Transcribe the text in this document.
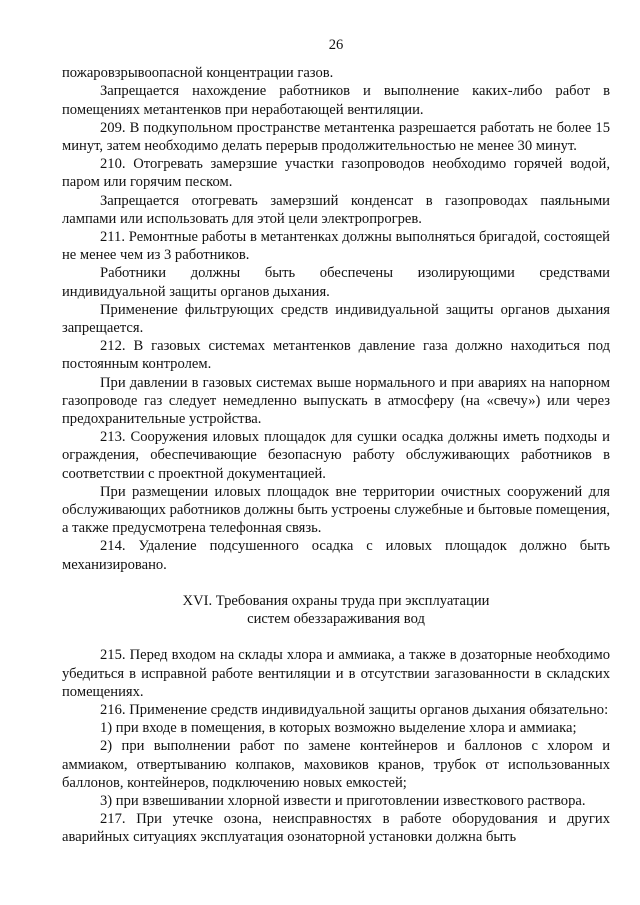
26

пожаровзрывоопасной концентрации газов.

Запрещается нахождение работников и выполнение каких-либо работ в помещениях метантенков при неработающей вентиляции.

209. В подкупольном пространстве метантенка разрешается работать не более 15 минут, затем необходимо делать перерыв продолжительностью не менее 30 минут.

210. Отогревать замерзшие участки газопроводов необходимо горячей водой, паром или горячим песком.

Запрещается отогревать замерзший конденсат в газопроводах паяльными лампами или использовать для этой цели электропрогрев.

211. Ремонтные работы в метантенках должны выполняться бригадой, состоящей не менее чем из 3 работников.

Работники должны быть обеспечены изолирующими средствами индивидуальной защиты органов дыхания.

Применение фильтрующих средств индивидуальной защиты органов дыхания запрещается.

212. В газовых системах метантенков давление газа должно находиться под постоянным контролем.

При давлении в газовых системах выше нормального и при авариях на напорном газопроводе газ следует немедленно выпускать в атмосферу (на «свечу») или через предохранительные устройства.

213. Сооружения иловых площадок для сушки осадка должны иметь подходы и ограждения, обеспечивающие безопасную работу обслуживающих работников в соответствии с проектной документацией.

При размещении иловых площадок вне территории очистных сооружений для обслуживающих работников должны быть устроены служебные и бытовые помещения, а также предусмотрена телефонная связь.

214. Удаление подсушенного осадка с иловых площадок должно быть механизировано.

XVI. Требования охраны труда при эксплуатации
систем обеззараживания вод

215. Перед входом на склады хлора и аммиака, а также в дозаторные необходимо убедиться в исправной работе вентиляции и в отсутствии загазованности в складских помещениях.

216. Применение средств индивидуальной защиты органов дыхания обязательно:

1) при входе в помещения, в которых возможно выделение хлора и аммиака;

2) при выполнении работ по замене контейнеров и баллонов с хлором и аммиаком, отвертыванию колпаков, маховиков кранов, трубок от использованных баллонов, контейнеров, подключению новых емкостей;

3) при взвешивании хлорной извести и приготовлении известкового раствора.

217. При утечке озона, неисправностях в работе оборудования и других аварийных ситуациях эксплуатация озонаторной установки должна быть
